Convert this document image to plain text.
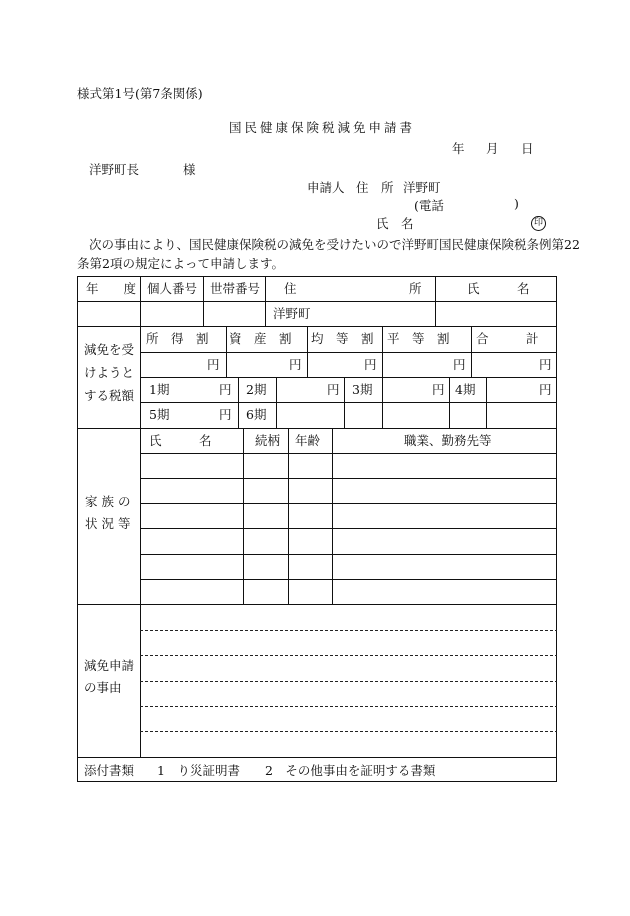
様式第1号(第7条関係)
国民健康保険税減免申請書
年 月 日
洋野町長	様
申請人 住　所 洋野町
(電話	)
氏　名	印
次の事由により、国民健康保険税の減免を受けたいので洋野町国民健康保険税条例第22
条第2項の規定によって申請します。
年　　度 個人番号 世帯番号 住　　　　　　　　　所	氏　　　名
洋野町
減免を受
けようと
する税額
所　得　割 資　産　割 均　等　割 平　等　割 合　　　計
円	円	円	円	円
1期	円 2期	円 3期	円 4期	円
5期	円 6期
家 族 の
状 況 等
氏　　　名	続柄 年齢	職業、勤務先等
減免申請
の事由
添付書類 1　り災証明書　　2　その他事由を証明する書類
